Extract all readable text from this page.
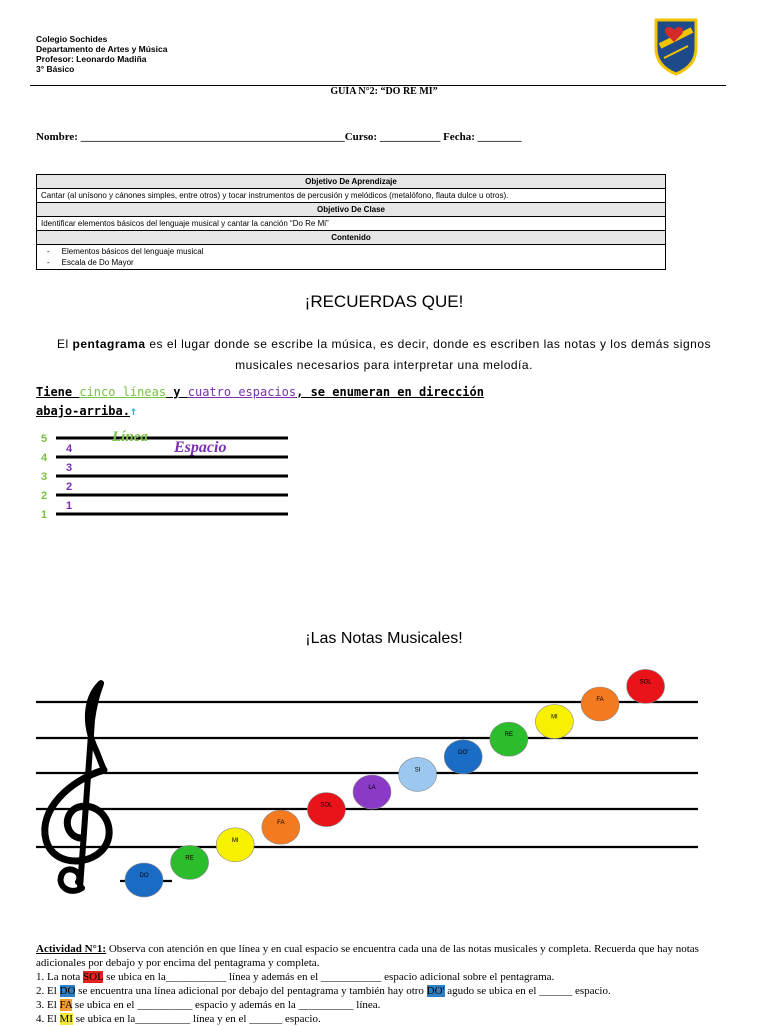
Colegio Sochides
Departamento de Artes y Música
Profesor: Leonardo Madiña
3° Básico
GUÍA N°2: “DO RE MI”
Nombre: ________________________________________________Curso: ___________ Fecha: ________
Objetivo De Aprendizaje
Cantar (al unísono y cánones simples, entre otros) y tocar instrumentos de percusión y melódicos (metalófono, flauta dulce u otros).
Objetivo De Clase
Identificar elementos básicos del lenguaje musical y cantar la canción “Do Re Mi”
Contenido

- Elementos básicos del lenguaje musical
- Escala de Do Mayor
¡RECUERDAS QUE!
El pentagrama es el lugar donde se escribe la música, es decir, donde es escriben las notas y los demás signos musicales necesarios para interpretar una melodía.
Tiene cinco líneas y cuatro espacios, se enumeran en dirección
abajo-arriba.↑
5
4
3
2
1
4
3
2
1
Línea
Espacio
¡Las Notas Musicales!
DO
RE
MI
FA
SOL
LA
SI
DO'
RE
MI
FA
SOL
Actividad N°1: Observa con atención en que línea y en cual espacio se encuentra cada una de las notas musicales y completa. Recuerda que hay notas adicionales por debajo y por encima del pentagrama y completa.
1. La nota SOL se ubica en la___________ línea y además en el ___________ espacio adicional sobre el pentagrama.
2. El DO se encuentra una línea adicional por debajo del pentagrama y también hay otro DO' agudo se ubica en el ______ espacio.
3. El FA se ubica en el __________ espacio y además en la __________ línea.
4. El MI se ubica en la__________ línea y en el ______ espacio.
